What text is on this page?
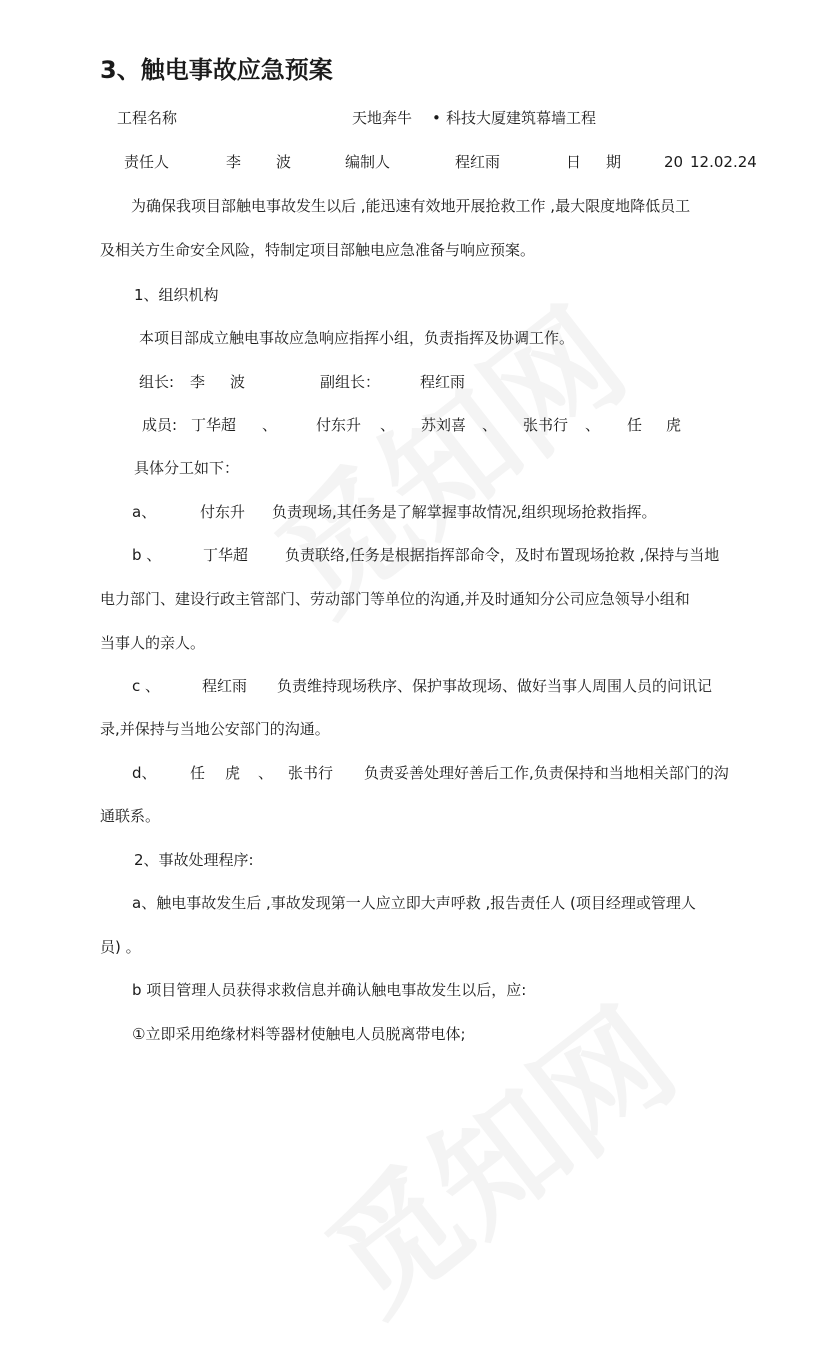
3、触电事故应急预案
工程名称	天地奔牛 • 科技大厦建筑幕墙工程
责任人	李 波	编制人	程红雨	日 期	20 12.02.24
为确保我项目部触电事故发生以后 ,能迅速有效地开展抢救工作 ,最大限度地降低员工
及相关方生命安全风险，特制定项目部触电应急准备与响应预案。
1、组织机构
本项目部成立触电事故应急响应指挥小组，负责指挥及协调工作。
组长: 李 波	副组长：	程红雨
成员: 丁华超 、	付东升 、 苏刘喜 、 张书行 、 任 虎
具体分工如下：
a、	付东升 负责现场,其任务是了解掌握事故情况,组织现场抢救指挥。
b 、	丁华超 负责联络,任务是根据指挥部命令，及时布置现场抢救 ,保持与当地
电力部门、建设行政主管部门、劳动部门等单位的沟通,并及时通知分公司应急领导小组和
当事人的亲人。
c 、	程红雨 负责维持现场秩序、保护事故现场、做好当事人周围人员的问讯记
录,并保持与当地公安部门的沟通。
d、 任 虎 、 张书行 负责妥善处理好善后工作,负责保持和当地相关部门的沟
通联系。
2、事故处理程序:
a、触电事故发生后 ,事故发现第一人应立即大声呼救 ,报告责任人 (项目经理或管理人
员) 。
b 项目管理人员获得求救信息并确认触电事故发生以后，应:
①立即采用绝缘材料等器材使触电人员脱离带电体;
